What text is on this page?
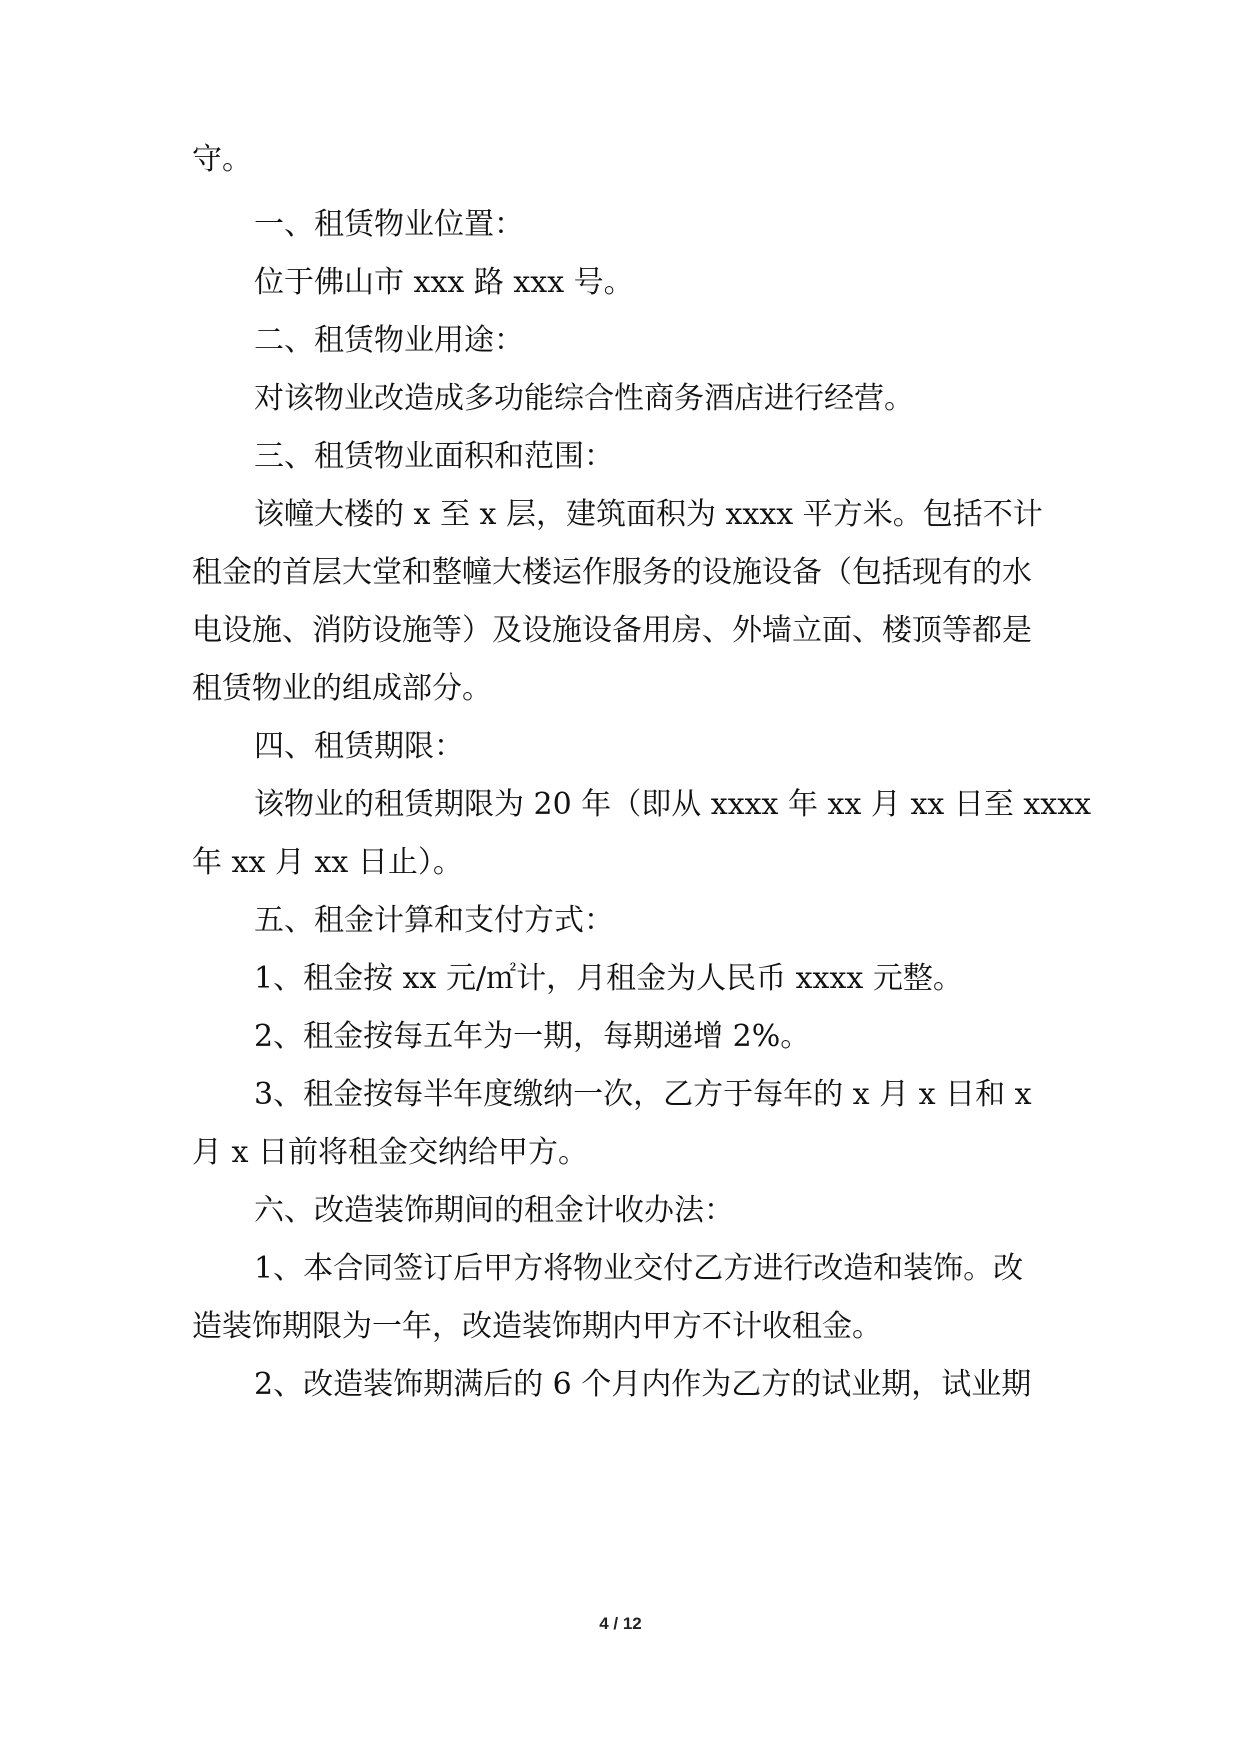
守。
一、租赁物业位置：
位于佛山市 xxx 路 xxx 号。
二、租赁物业用途：
对该物业改造成多功能综合性商务酒店进行经营。
三、租赁物业面积和范围：
该幢大楼的 x 至 x 层，建筑面积为 xxxx 平方米。包括不计
租金的首层大堂和整幢大楼运作服务的设施设备（包括现有的水
电设施、消防设施等）及设施设备用房、外墙立面、楼顶等都是
租赁物业的组成部分。
四、租赁期限：
该物业的租赁期限为 20 年（即从 xxxx 年 xx 月 xx 日至 xxxx
年 xx 月 xx 日止）。
五、租金计算和支付方式：
1、租金按 xx 元/㎡计，月租金为人民币 xxxx 元整。
2、租金按每五年为一期，每期递增 2%。
3、租金按每半年度缴纳一次，乙方于每年的 x 月 x 日和 x
月 x 日前将租金交纳给甲方。
六、改造装饰期间的租金计收办法：
1、本合同签订后甲方将物业交付乙方进行改造和装饰。改
造装饰期限为一年，改造装饰期内甲方不计收租金。
2、改造装饰期满后的 6 个月内作为乙方的试业期，试业期
4 / 12
